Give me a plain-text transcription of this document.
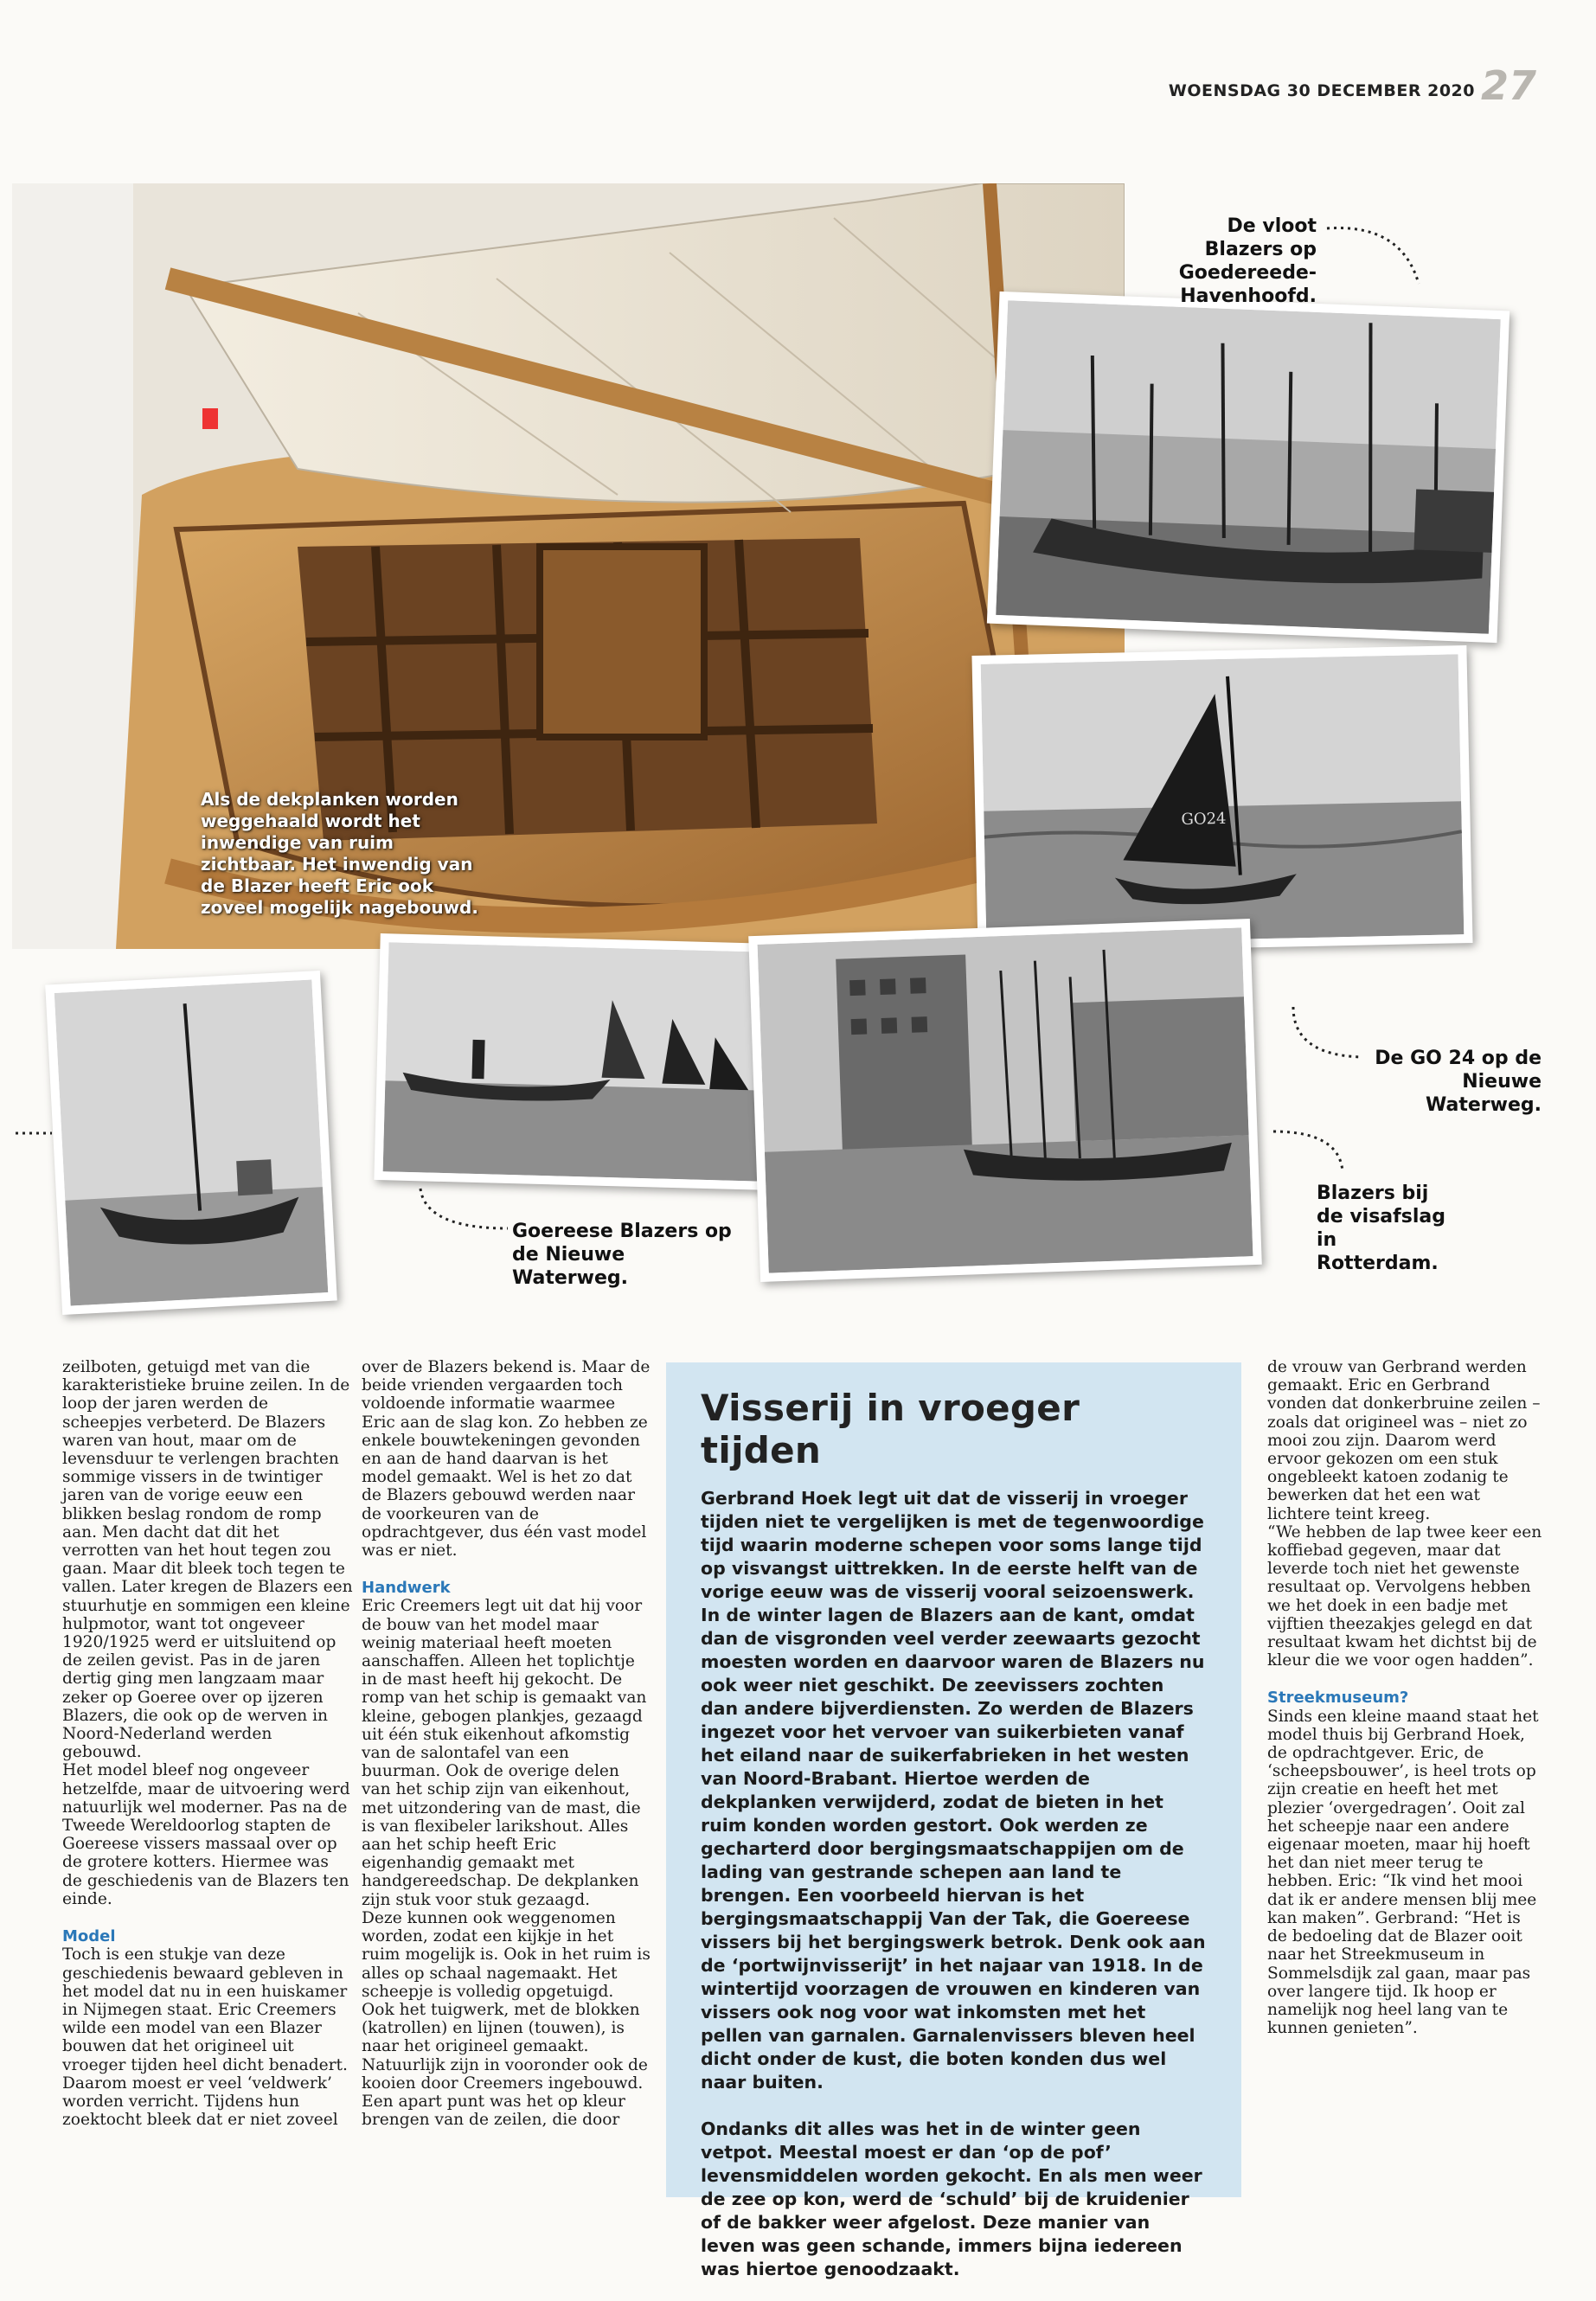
WOENSDAG 30 DECEMBER 2020 27
Als de dekplanken worden weggehaald wordt het inwendige van ruim zichtbaar. Het inwendig van de Blazer heeft Eric ook zoveel mogelijk nagebouwd.
De vloot Blazers op Goedereede-Havenhoofd.
GO24
De GO 24 op de Nieuwe Waterweg.
Goereese Blazers op de Nieuwe Waterweg.
Blazers bij de visafslag in Rotterdam.

zeilboten, getuigd met van die karakteristieke bruine zeilen. In de loop der jaren werden de scheepjes verbeterd. De Blazers waren van hout, maar om de levensduur te verlengen brachten sommige vissers in de twintiger jaren van de vorige eeuw een blikken beslag rondom de romp aan. Men dacht dat dit het verrotten van het hout tegen zou gaan. Maar dit bleek toch tegen te vallen. Later kregen de Blazers een stuurhutje en sommigen een kleine hulpmotor, want tot ongeveer 1920/1925 werd er uitsluitend op de zeilen gevist. Pas in de jaren dertig ging men langzaam maar zeker op Goeree over op ijzeren Blazers, die ook op de werven in Noord-Nederland werden gebouwd.

Het model bleef nog ongeveer hetzelfde, maar de uitvoering werd natuurlijk wel moderner. Pas na de Tweede Wereldoorlog stapten de Goereese vissers massaal over op de grotere kotters. Hiermee was de geschiedenis van de Blazers ten einde.

Model

Toch is een stukje van deze geschiedenis bewaard gebleven in het model dat nu in een huiskamer in Nijmegen staat. Eric Creemers wilde een model van een Blazer bouwen dat het origineel uit vroeger tijden heel dicht benadert. Daarom moest er veel ‘veldwerk’ worden verricht. Tijdens hun zoektocht bleek dat er niet zoveel

over de Blazers bekend is. Maar de beide vrienden vergaarden toch voldoende informatie waarmee Eric aan de slag kon. Zo hebben ze enkele bouwtekeningen gevonden en aan de hand daarvan is het model gemaakt. Wel is het zo dat de Blazers gebouwd werden naar de voorkeuren van de opdrachtgever, dus één vast model was er niet.

Handwerk

Eric Creemers legt uit dat hij voor de bouw van het model maar weinig materiaal heeft moeten aanschaffen. Alleen het toplichtje in de mast heeft hij gekocht. De romp van het schip is gemaakt van kleine, gebogen plankjes, gezaagd uit één stuk eikenhout afkomstig van de salontafel van een buurman. Ook de overige delen van het schip zijn van eikenhout, met uitzondering van de mast, die is van flexibeler larikshout. Alles aan het schip heeft Eric eigenhandig gemaakt met handgereedschap. De dekplanken zijn stuk voor stuk gezaagd.

Deze kunnen ook weggenomen worden, zodat een kijkje in het ruim mogelijk is. Ook in het ruim is alles op schaal nagemaakt. Het scheepje is volledig opgetuigd.

Ook het tuigwerk, met de blokken (katrollen) en lijnen (touwen), is naar het origineel gemaakt. Natuurlijk zijn in vooronder ook de kooien door Creemers ingebouwd. Een apart punt was het op kleur brengen van de zeilen, die door

Visserij in vroeger tijden

Gerbrand Hoek legt uit dat de visserij in vroeger tijden niet te vergelijken is met de tegenwoordige tijd waarin moderne schepen voor soms lange tijd op visvangst uittrekken. In de eerste helft van de vorige eeuw was de visserij vooral seizoenswerk. In de winter lagen de Blazers aan de kant, omdat dan de visgronden veel verder zeewaarts gezocht moesten worden en daarvoor waren de Blazers nu ook weer niet geschikt. De zeevissers zochten dan andere bijverdiensten. Zo werden de Blazers ingezet voor het vervoer van suikerbieten vanaf het eiland naar de suikerfabrieken in het westen van Noord-Brabant. Hiertoe werden de dekplanken verwijderd, zodat de bieten in het ruim konden worden gestort. Ook werden ze gecharterd door bergingsmaatschappijen om de lading van gestrande schepen aan land te brengen. Een voorbeeld hiervan is het bergingsmaatschappij Van der Tak, die Goereese vissers bij het bergingswerk betrok. Denk ook aan de ‘portwijnvisserijt’ in het najaar van 1918. In de wintertijd voorzagen de vrouwen en kinderen van vissers ook nog voor wat inkomsten met het pellen van garnalen. Garnalenvissers bleven heel dicht onder de kust, die boten konden dus wel naar buiten.

Ondanks dit alles was het in de winter geen vetpot. Meestal moest er dan ‘op de pof’ levensmiddelen worden gekocht. En als men weer de zee op kon, werd de ‘schuld’ bij de kruidenier of de bakker weer afgelost. Deze manier van leven was geen schande, immers bijna iedereen was hiertoe genoodzaakt.

de vrouw van Gerbrand werden gemaakt. Eric en Gerbrand vonden dat donkerbruine zeilen – zoals dat origineel was – niet zo mooi zou zijn. Daarom werd ervoor gekozen om een stuk ongebleekt katoen zodanig te bewerken dat het een wat lichtere teint kreeg.

“We hebben de lap twee keer een koffiebad gegeven, maar dat leverde toch niet het gewenste resultaat op. Vervolgens hebben we het doek in een badje met vijftien theezakjes gelegd en dat resultaat kwam het dichtst bij de kleur die we voor ogen hadden”.

Streekmuseum?

Sinds een kleine maand staat het model thuis bij Gerbrand Hoek, de opdrachtgever. Eric, de ‘scheepsbouwer’, is heel trots op zijn creatie en heeft het met plezier ‘overgedragen’. Ooit zal het scheepje naar een andere eigenaar moeten, maar hij hoeft het dan niet meer terug te hebben. Eric: “Ik vind het mooi dat ik er andere mensen blij mee kan maken”. Gerbrand: “Het is de bedoeling dat de Blazer ooit naar het Streekmuseum in Sommelsdijk zal gaan, maar pas over langere tijd. Ik hoop er namelijk nog heel lang van te kunnen genieten”.
